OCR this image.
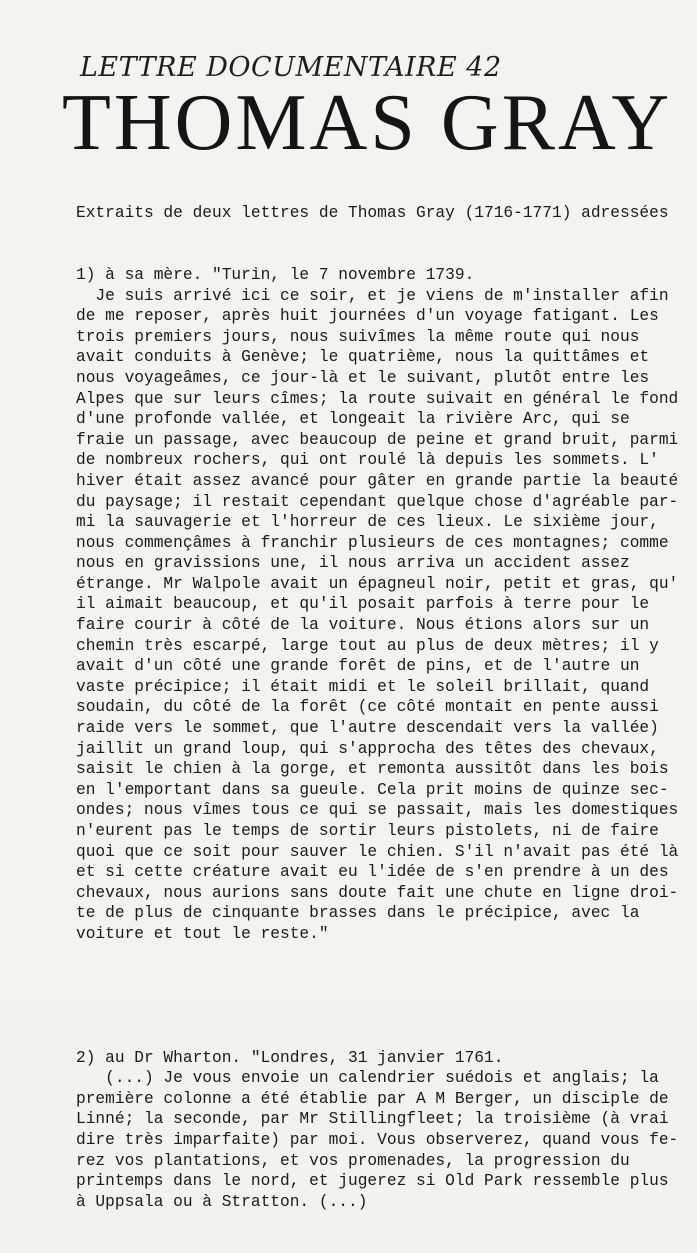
LETTRE DOCUMENTAIRE 42
THOMAS GRAY

Extraits de deux lettres de Thomas Gray (1716-1771) adressées

1) à sa mère. "Turin, le 7 novembre 1739.
Je suis arrivé ici ce soir, et je viens de m'installer afin
de me reposer, après huit journées d'un voyage fatigant. Les
trois premiers jours, nous suivîmes la même route qui nous
avait conduits à Genève; le quatrième, nous la quittâmes et
nous voyageâmes, ce jour-là et le suivant, plutôt entre les
Alpes que sur leurs cîmes; la route suivait en général le fond
d'une profonde vallée, et longeait la rivière Arc, qui se
fraie un passage, avec beaucoup de peine et grand bruit, parmi
de nombreux rochers, qui ont roulé là depuis les sommets. L'
hiver était assez avancé pour gâter en grande partie la beauté
du paysage; il restait cependant quelque chose d'agréable par-
mi la sauvagerie et l'horreur de ces lieux. Le sixième jour,
nous commençâmes à franchir plusieurs de ces montagnes; comme
nous en gravissions une, il nous arriva un accident assez
étrange. Mr Walpole avait un épagneul noir, petit et gras, qu'
il aimait beaucoup, et qu'il posait parfois à terre pour le
faire courir à côté de la voiture. Nous étions alors sur un
chemin très escarpé, large tout au plus de deux mètres; il y
avait d'un côté une grande forêt de pins, et de l'autre un
vaste précipice; il était midi et le soleil brillait, quand
soudain, du côté de la forêt (ce côté montait en pente aussi
raide vers le sommet, que l'autre descendait vers la vallée)
jaillit un grand loup, qui s'approcha des têtes des chevaux,
saisit le chien à la gorge, et remonta aussitôt dans les bois
en l'emportant dans sa gueule. Cela prit moins de quinze sec-
ondes; nous vîmes tous ce qui se passait, mais les domestiques
n'eurent pas le temps de sortir leurs pistolets, ni de faire
quoi que ce soit pour sauver le chien. S'il n'avait pas été là
et si cette créature avait eu l'idée de s'en prendre à un des
chevaux, nous aurions sans doute fait une chute en ligne droi-
te de plus de cinquante brasses dans le précipice, avec la
voiture et tout le reste."

2) au Dr Wharton. "Londres, 31 janvier 1761.
(...) Je vous envoie un calendrier suédois et anglais; la
première colonne a été établie par A M Berger, un disciple de
Linné; la seconde, par Mr Stillingfleet; la troisième (à vrai
dire très imparfaite) par moi. Vous observerez, quand vous fe-
rez vos plantations, et vos promenades, la progression du
printemps dans le nord, et jugerez si Old Park ressemble plus
à Uppsala ou à Stratton. (...)
